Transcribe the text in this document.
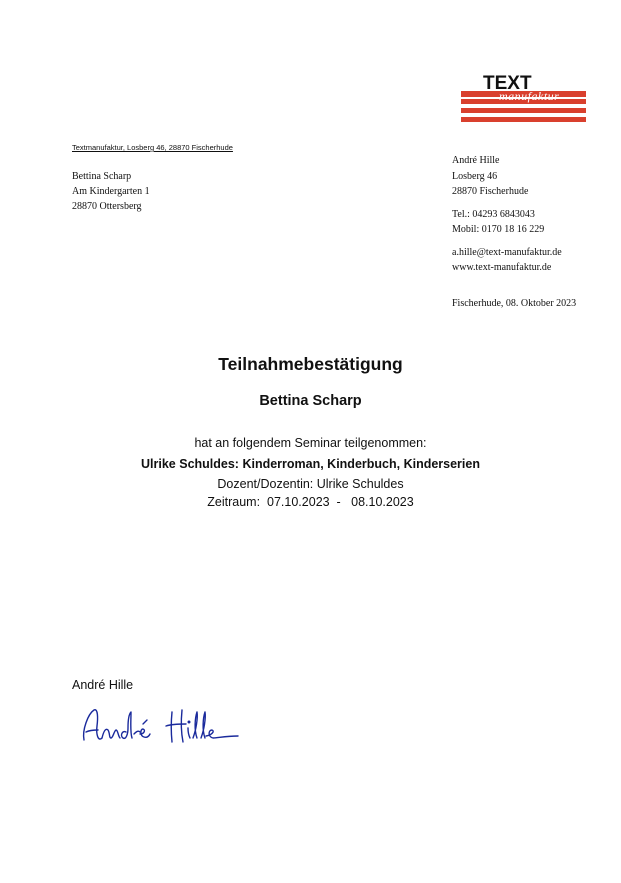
TEXT
manufaktur	®
Textmanufaktur, Losberg 46, 28870 Fischerhude
Bettina Scharp
Am Kindergarten 1
28870 Ottersberg
André Hille
Losberg 46
28870 Fischerhude
Tel.: 04293 6843043
Mobil: 0170 18 16 229
a.hille@text-manufaktur.de
www.text-manufaktur.de
Fischerhude, 08. Oktober 2023
Teilnahmebestätigung
Bettina Scharp
hat an folgendem Seminar teilgenommen:
Ulrike Schuldes: Kinderroman, Kinderbuch, Kinderserien
Dozent/Dozentin: Ulrike Schuldes
Zeitraum: 07.10.2023 - 08.10.2023
André Hille
